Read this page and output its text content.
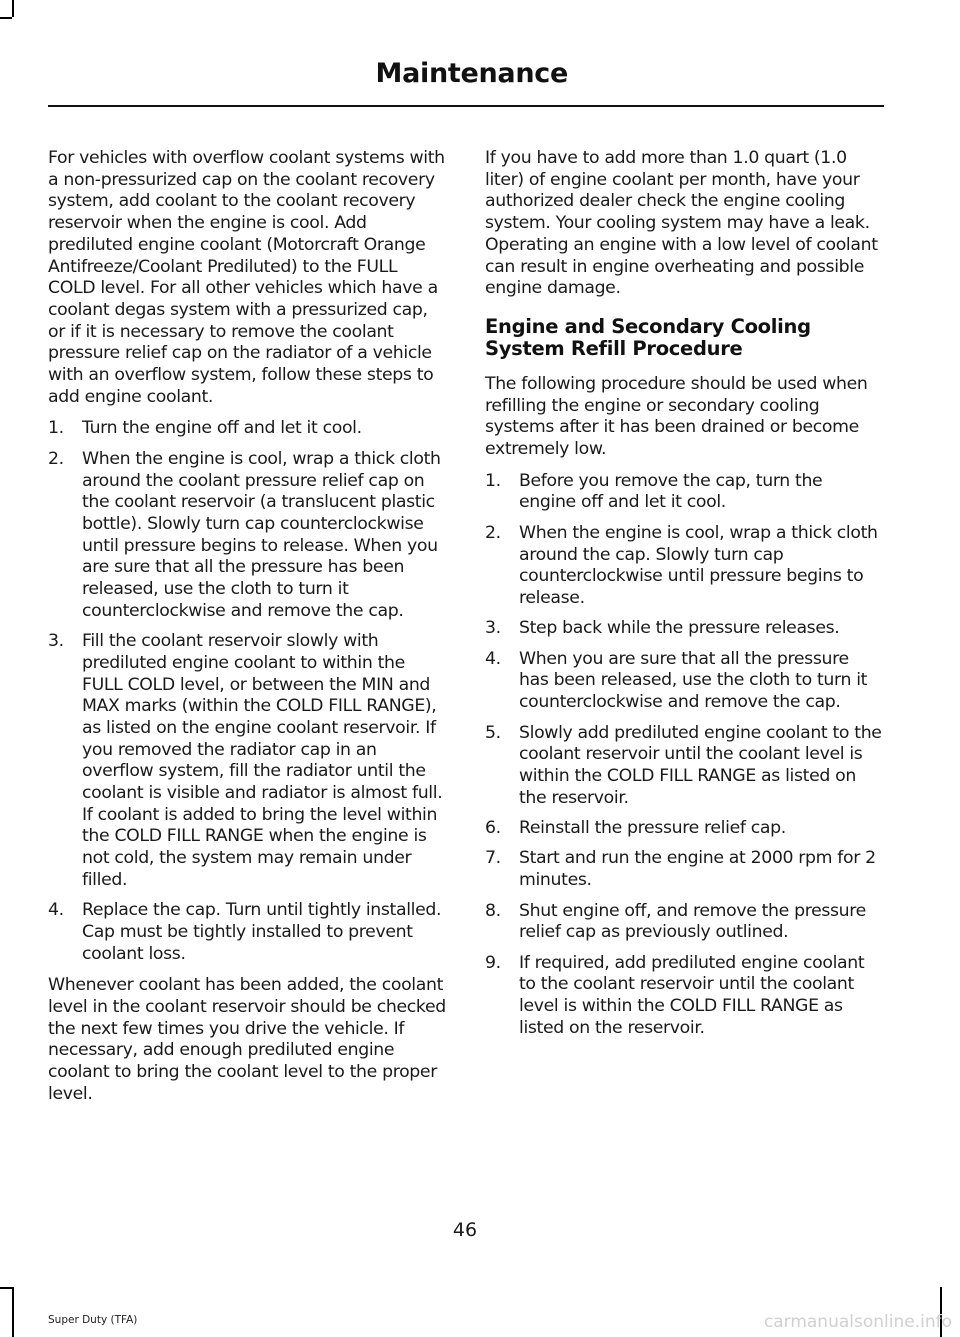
Maintenance

For vehicles with overflow coolant systems with a non-pressurized cap on the coolant recovery system, add coolant to the coolant recovery reservoir when the engine is cool. Add prediluted engine coolant (Motorcraft Orange Antifreeze/Coolant Prediluted) to the FULL COLD level. For all other vehicles which have a coolant degas system with a pressurized cap, or if it is necessary to remove the coolant pressure relief cap on the radiator of a vehicle with an overflow system, follow these steps to add engine coolant.

1. Turn the engine off and let it cool.
2. When the engine is cool, wrap a thick cloth around the coolant pressure relief cap on the coolant reservoir (a translucent plastic bottle). Slowly turn cap counterclockwise until pressure begins to release. When you are sure that all the pressure has been released, use the cloth to turn it counterclockwise and remove the cap.
3. Fill the coolant reservoir slowly with prediluted engine coolant to within the FULL COLD level, or between the MIN and MAX marks (within the COLD FILL RANGE), as listed on the engine coolant reservoir. If you removed the radiator cap in an overflow system, fill the radiator until the coolant is visible and radiator is almost full. If coolant is added to bring the level within the COLD FILL RANGE when the engine is not cold, the system may remain under filled.
4. Replace the cap. Turn until tightly installed. Cap must be tightly installed to prevent coolant loss.

Whenever coolant has been added, the coolant level in the coolant reservoir should be checked the next few times you drive the vehicle. If necessary, add enough prediluted engine coolant to bring the coolant level to the proper level.

If you have to add more than 1.0 quart (1.0 liter) of engine coolant per month, have your authorized dealer check the engine cooling system. Your cooling system may have a leak. Operating an engine with a low level of coolant can result in engine overheating and possible engine damage.

Engine and Secondary Cooling System Refill Procedure

The following procedure should be used when refilling the engine or secondary cooling systems after it has been drained or become extremely low.

1. Before you remove the cap, turn the engine off and let it cool.
2. When the engine is cool, wrap a thick cloth around the cap. Slowly turn cap counterclockwise until pressure begins to release.
3. Step back while the pressure releases.
4. When you are sure that all the pressure has been released, use the cloth to turn it counterclockwise and remove the cap.
5. Slowly add prediluted engine coolant to the coolant reservoir until the coolant level is within the COLD FILL RANGE as listed on the reservoir.
6. Reinstall the pressure relief cap.
7. Start and run the engine at 2000 rpm for 2 minutes.
8. Shut engine off, and remove the pressure relief cap as previously outlined.
9. If required, add prediluted engine coolant to the coolant reservoir until the coolant level is within the COLD FILL RANGE as listed on the reservoir.
46
Super Duty (TFA)	carmanualsonline.info
